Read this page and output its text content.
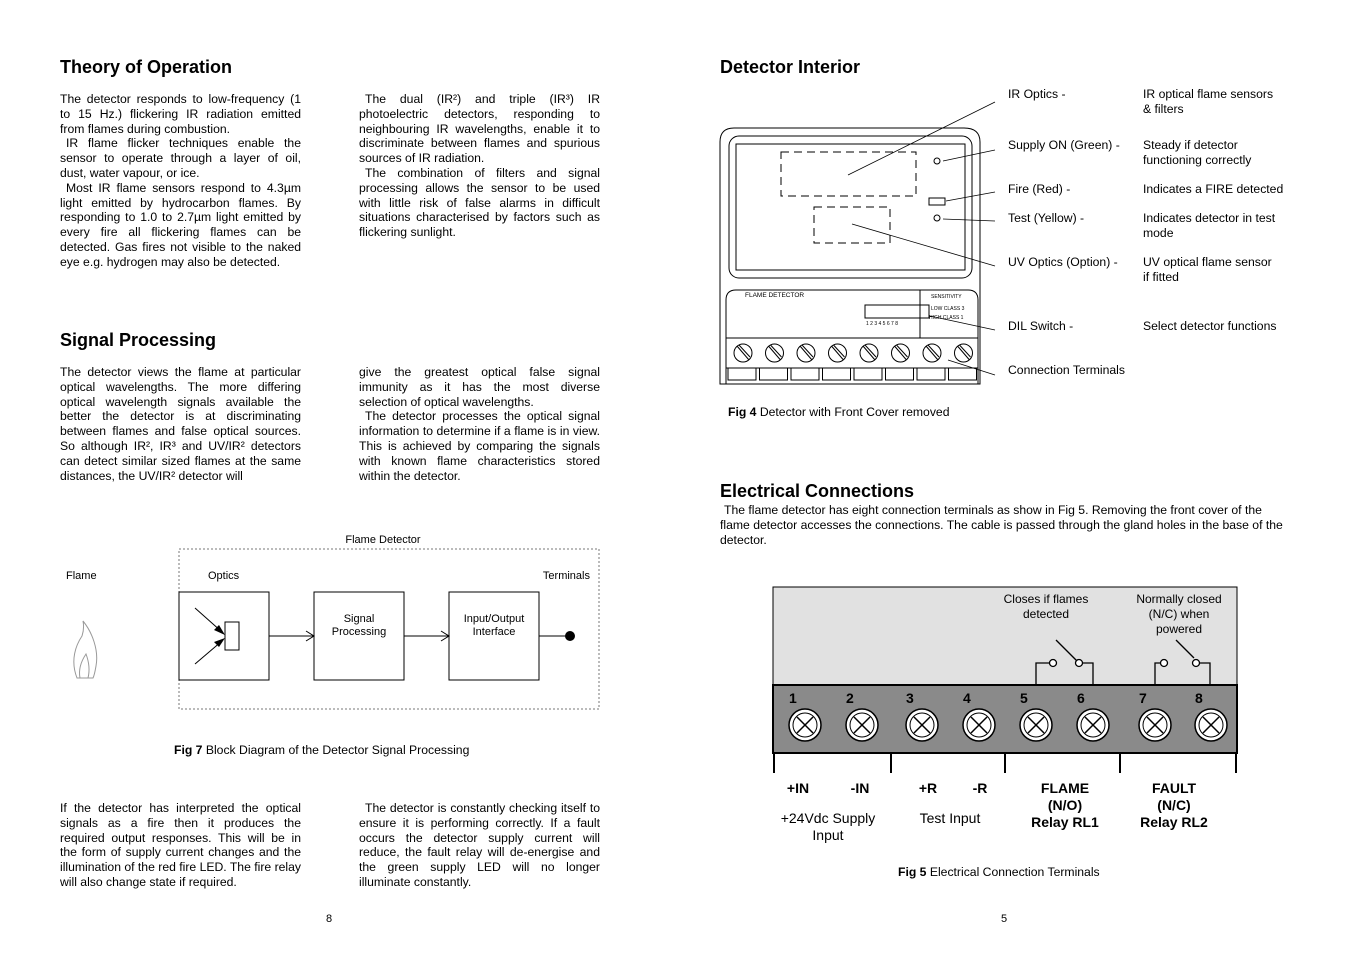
Theory of Operation

The detector responds to low-frequency (1 to 15 Hz.) flickering IR radiation emitted from flames during combustion.

IR flame flicker techniques enable the sensor to operate through a layer of oil, dust, water vapour, or ice.

Most IR flame sensors respond to 4.3µm light emitted by hydrocarbon flames. By responding to 1.0 to 2.7µm light emitted by every fire all flickering flames can be detected. Gas fires not visible to the naked eye e.g. hydrogen may also be detected.

The dual (IR²) and triple (IR³) IR photoelectric detectors, responding to neighbouring IR wavelengths, enable it to discriminate between flames and spurious sources of IR radiation.

The combination of filters and signal processing allows the sensor to be used with little risk of false alarms in difficult situations characterised by factors such as flickering sunlight.

Signal Processing

The detector views the flame at particular optical wavelengths. The more differing optical wavelength signals available the better the detector is at discriminating between flames and false optical sources. So although IR², IR³ and UV/IR² detectors can detect similar sized flames at the same distances, the UV/IR² detector will

give the greatest optical false signal immunity as it has the most diverse selection of optical wavelengths.

The detector processes the optical signal information to determine if a flame is in view. This is achieved by comparing the signals with known flame characteristics stored within the detector.

Flame Detector
Flame	Optics	Terminals
Signal
Processing
Input/Output
Interface
Fig 7 Block Diagram of the Detector Signal Processing

If the detector has interpreted the optical signals as a fire then it produces the required output responses. This will be in the form of supply current changes and the illumination of the red fire LED. The fire relay will also change state if required.

The detector is constantly checking itself to ensure it is performing correctly. If a fault occurs the detector supply current will reduce, the fault relay will de-energise and the green supply LED will no longer illuminate constantly.

8
Detector Interior
FLAME DETECTOR	SENSITIVITY
LOW CLASS 3
HIGH CLASS 1
1 2 3 4 5 6 7 8
IR Optics -	IR optical flame sensors
& filters
Supply ON (Green) - Steady if detector
functioning correctly
Fire (Red) -	Indicates a FIRE detected
Test (Yellow) -	Indicates detector in test
mode
UV Optics (Option) - UV optical flame sensor
if fitted
DIL Switch -	Select detector functions
Connection Terminals
Fig 4 Detector with Front Cover removed
Electrical Connections
The flame detector has eight connection terminals as show in Fig 5. Removing the front cover of the flame detector accesses the connections. The cable is passed through the gland holes in the base of the detector.
Closes if flames
detected
Normally closed
(N/C) when
powered
1	2	3	4	5	6	7	8
+IN	-IN	+R	-R
+24Vdc Supply
Input
Test Input
FLAME
(N/O)
Relay RL1
FAULT
(N/C)
Relay RL2
Fig 5 Electrical Connection Terminals
5
